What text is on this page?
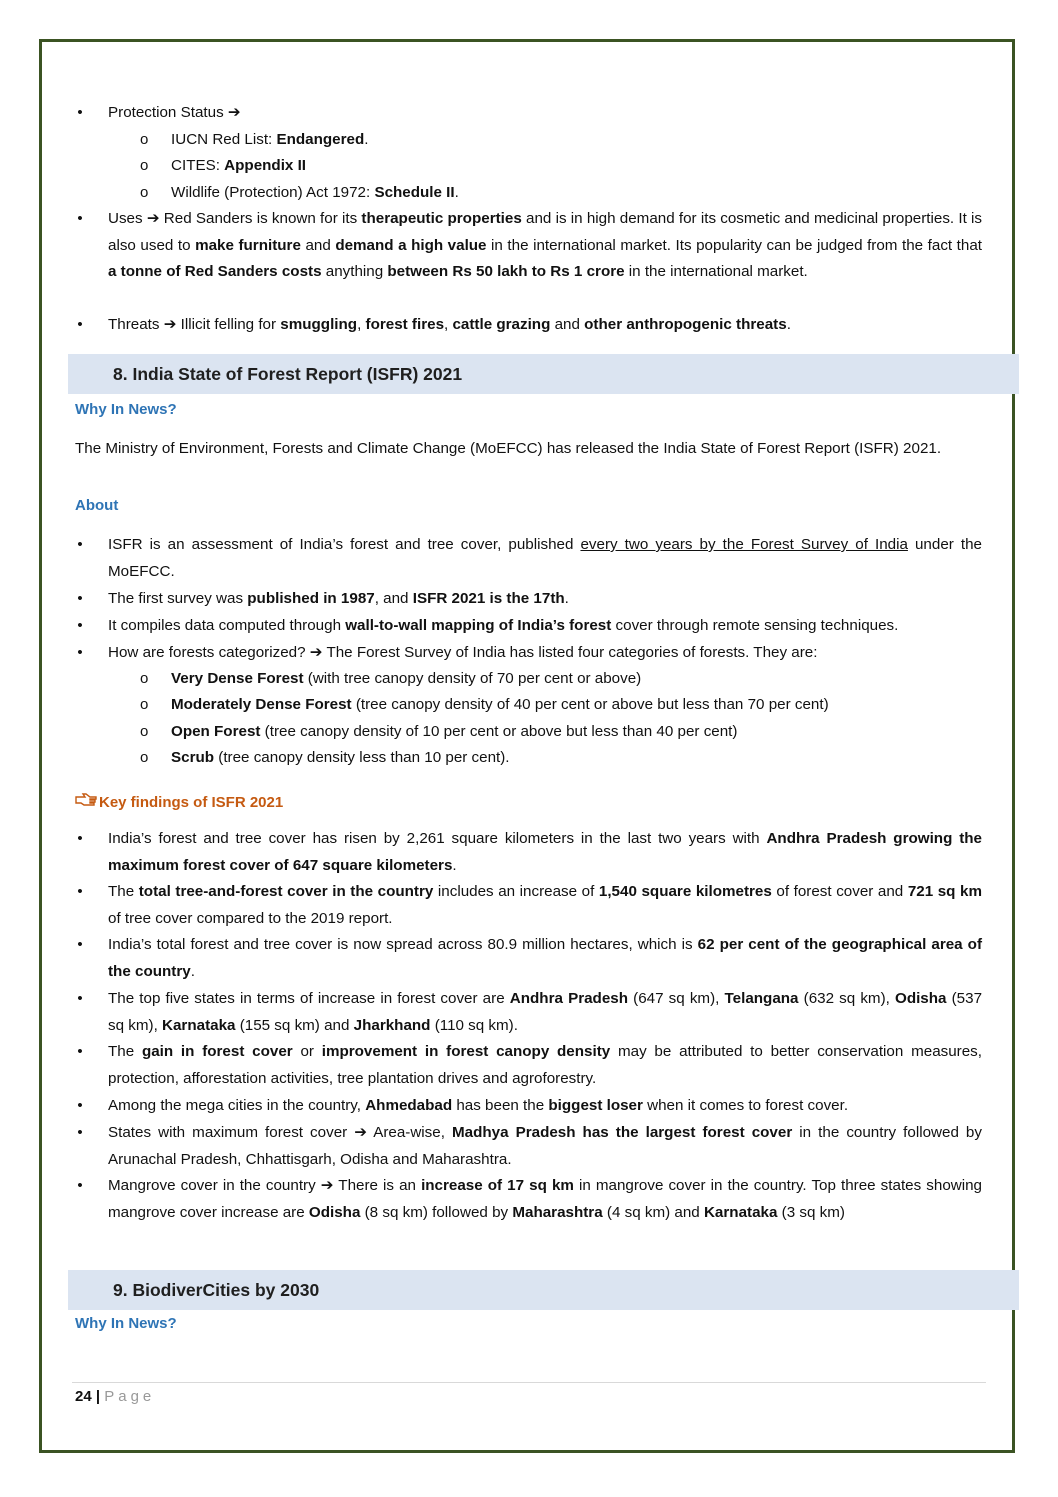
• Protection Status ➔
o	IUCN Red List: Endangered.
o	CITES: Appendix II
o	Wildlife (Protection) Act 1972: Schedule II.
• Uses ➔ Red Sanders is known for its therapeutic properties and is in high demand for its cosmetic and medicinal properties. It is also used to make furniture and demand a high value in the international market. Its popularity can be judged from the fact that a tonne of Red Sanders costs anything between Rs 50 lakh to Rs 1 crore in the international market.
• Threats ➔ Illicit felling for smuggling, forest fires, cattle grazing and other anthropogenic threats.
8. India State of Forest Report (ISFR) 2021
Why In News?
The Ministry of Environment, Forests and Climate Change (MoEFCC) has released the India State of Forest Report (ISFR) 2021.
About
• ISFR is an assessment of India’s forest and tree cover, published every two years by the Forest Survey of India under the MoEFCC.
• The first survey was published in 1987, and ISFR 2021 is the 17th.
• It compiles data computed through wall-to-wall mapping of India’s forest cover through remote sensing techniques.
• How are forests categorized? ➔ The Forest Survey of India has listed four categories of forests. They are:
o	Very Dense Forest (with tree canopy density of 70 per cent or above)
o	Moderately Dense Forest (tree canopy density of 40 per cent or above but less than 70 per cent)
o	Open Forest (tree canopy density of 10 per cent or above but less than 40 per cent)
o	Scrub (tree canopy density less than 10 per cent).
Key findings of ISFR 2021
• India’s forest and tree cover has risen by 2,261 square kilometers in the last two years with Andhra Pradesh growing the maximum forest cover of 647 square kilometers.
• The total tree-and-forest cover in the country includes an increase of 1,540 square kilometres of forest cover and 721 sq km of tree cover compared to the 2019 report.
• India’s total forest and tree cover is now spread across 80.9 million hectares, which is 62 per cent of the geographical area of the country.
• The top five states in terms of increase in forest cover are Andhra Pradesh (647 sq km), Telangana (632 sq km), Odisha (537 sq km), Karnataka (155 sq km) and Jharkhand (110 sq km).
• The gain in forest cover or improvement in forest canopy density may be attributed to better conservation measures, protection, afforestation activities, tree plantation drives and agroforestry.
• Among the mega cities in the country, Ahmedabad has been the biggest loser when it comes to forest cover.
• States with maximum forest cover ➔ Area-wise, Madhya Pradesh has the largest forest cover in the country followed by Arunachal Pradesh, Chhattisgarh, Odisha and Maharashtra.
• Mangrove cover in the country ➔ There is an increase of 17 sq km in mangrove cover in the country. Top three states showing mangrove cover increase are Odisha (8 sq km) followed by Maharashtra (4 sq km) and Karnataka (3 sq km)
9. BiodiverCities by 2030
Why In News?
24 | Page
